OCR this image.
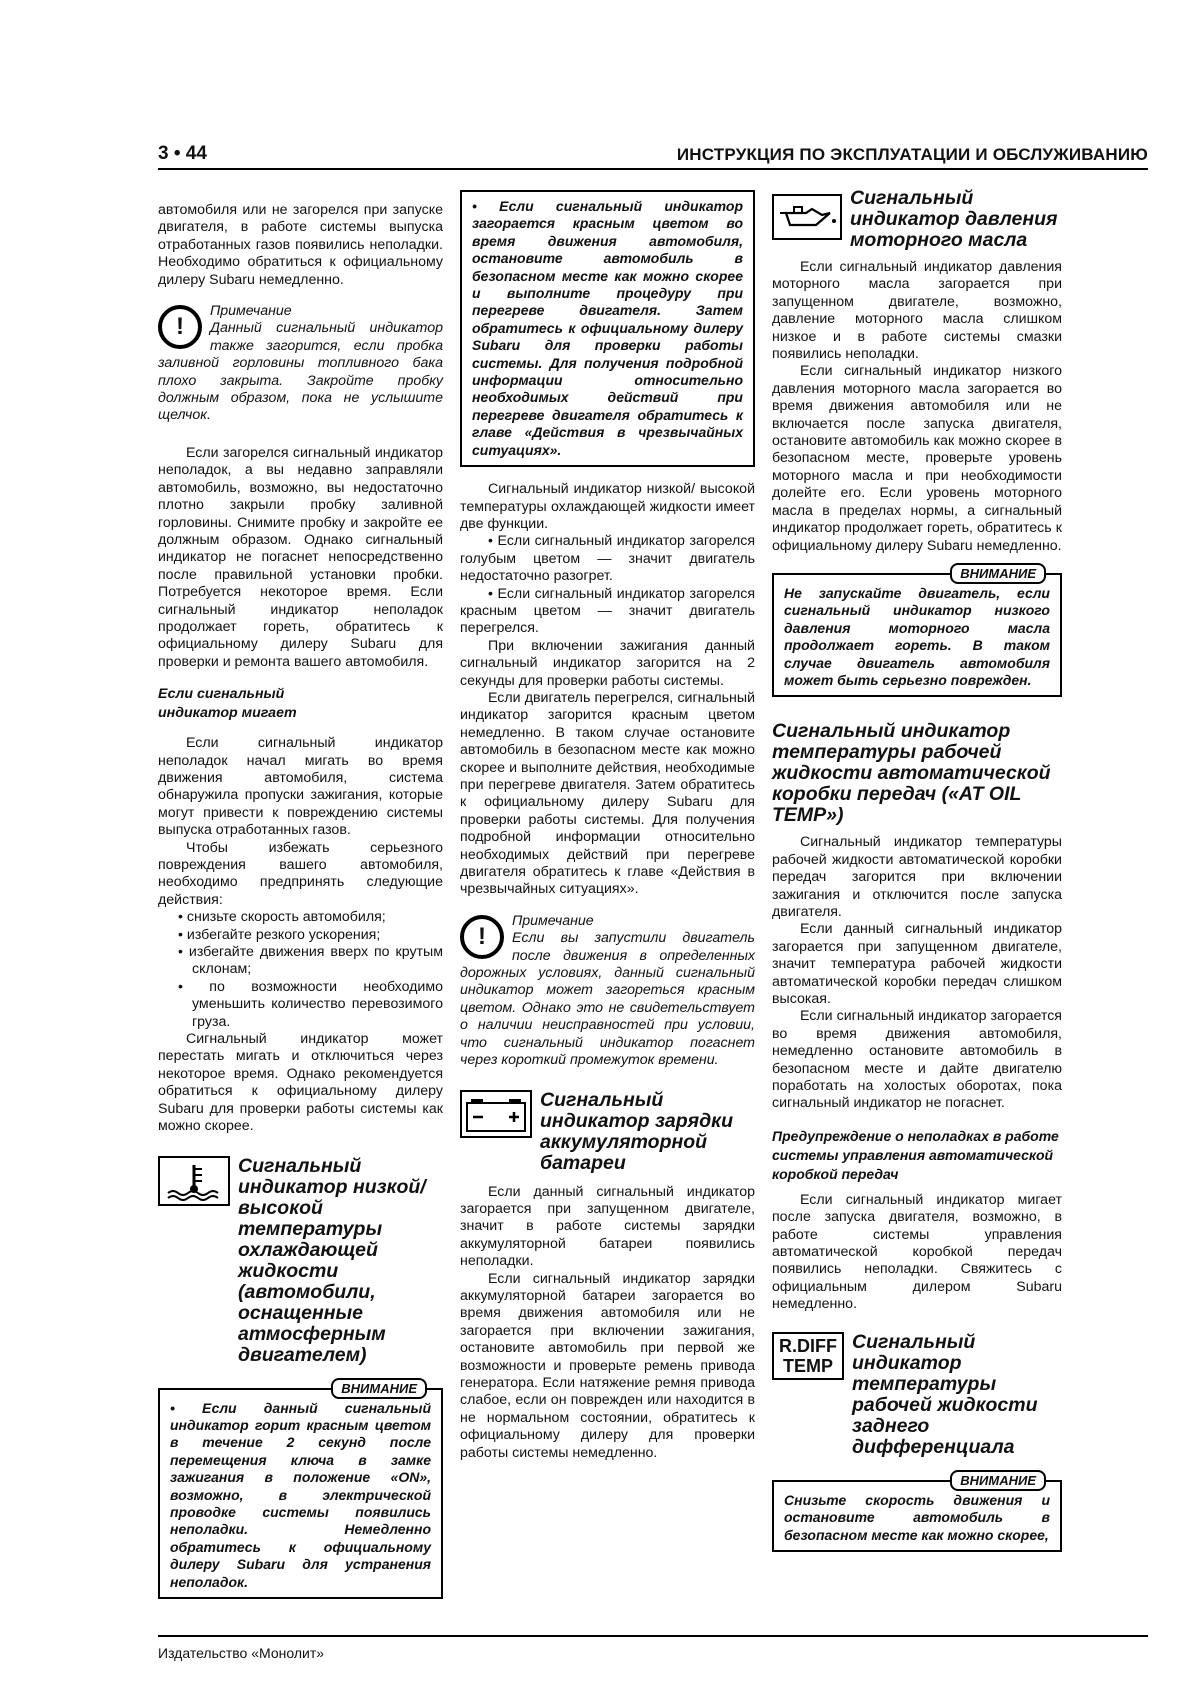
3 • 44	ИНСТРУКЦИЯ ПО ЭКСПЛУАТАЦИИ И ОБСЛУЖИВАНИЮ

автомобиля или не загорелся при запуске двигателя, в работе системы выпуска отработанных газов появились неполадки. Необходимо обратиться к официальному дилеру Subaru немедленно.

!
Примечание
Данный сигнальный индикатор также загорится, если пробка заливной горловины топливного бака плохо закрыта. Закройте пробку должным образом, пока не услышите щелчок.

Если загорелся сигнальный индикатор неполадок, а вы недавно заправляли автомобиль, возможно, вы недостаточно плотно закрыли пробку заливной горловины. Снимите пробку и закройте ее должным образом. Однако сигнальный индикатор не погаснет непосредственно после правильной установки пробки. Потребуется некоторое время. Если сигнальный индикатор неполадок продолжает гореть, обратитесь к официальному дилеру Subaru для проверки и ремонта вашего автомобиля.

Если сигнальный
индикатор мигает

Если сигнальный индикатор неполадок начал мигать во время движения автомобиля, система обнаружила пропуски зажигания, которые могут привести к повреждению системы выпуска отработанных газов.

Чтобы избежать серьезного повреждения вашего автомобиля, необходимо предпринять следующие действия:

• снизьте скорость автомобиля;

• избегайте резкого ускорения;

• избегайте движения вверх по крутым склонам;

• по возможности необходимо уменьшить количество перевозимого груза.

Сигнальный индикатор может перестать мигать и отключиться через некоторое время. Однако рекомендуется обратиться к официальному дилеру Subaru для проверки работы системы как можно скорее.

Сигнальный индикатор низкой/ высокой температуры охлаждающей жидкости (автомобили, оснащенные атмосферным двигателем)
ВНИМАНИЕ
• Если данный сигнальный индикатор горит красным цветом в течение 2 секунд после перемещения ключа в замке зажигания в положение «ON», возможно, в электрической проводке системы появились неполадки. Немедленно обратитесь к официальному дилеру Subaru для устранения неполадок.
• Если сигнальный индикатор загорается красным цветом во время движения автомобиля, остановите автомобиль в безопасном месте как можно скорее и выполните процедуру при перегреве двигателя. Затем обратитесь к официальному дилеру Subaru для проверки работы системы. Для получения подробной информации относительно необходимых действий при перегреве двигателя обратитесь к главе «Действия в чрезвычайных ситуациях».

Сигнальный индикатор низкой/ высокой температуры охлаждающей жидкости имеет две функции.

• Если сигнальный индикатор загорелся голубым цветом — значит двигатель недостаточно разогрет.

• Если сигнальный индикатор загорелся красным цветом — значит двигатель перегрелся.

При включении зажигания данный сигнальный индикатор загорится на 2 секунды для проверки работы системы.

Если двигатель перегрелся, сигнальный индикатор загорится красным цветом немедленно. В таком случае остановите автомобиль в безопасном месте как можно скорее и выполните действия, необходимые при перегреве двигателя. Затем обратитесь к официальному дилеру Subaru для проверки работы системы. Для получения подробной информации относительно необходимых действий при перегреве двигателя обратитесь к главе «Действия в чрезвычайных ситуациях».

!
Примечание
Если вы запустили двигатель после движения в определенных дорожных условиях, данный сигнальный индикатор может загореться красным цветом. Однако это не свидетельствует о наличии неисправностей при условии, что сигнальный индикатор погаснет через короткий промежуток времени.
Сигнальный индикатор зарядки аккумуляторной батареи

Если данный сигнальный индикатор загорается при запущенном двигателе, значит в работе системы зарядки аккумуляторной батареи появились неполадки.

Если сигнальный индикатор зарядки аккумуляторной батареи загорается во время движения автомобиля или не загорается при включении зажигания, остановите автомобиль при первой же возможности и проверьте ремень привода генератора. Если натяжение ремня привода слабое, если он поврежден или находится в не нормальном состоянии, обратитесь к официальному дилеру для проверки работы системы немедленно.

Сигнальный индикатор давления моторного масла

Если сигнальный индикатор давления моторного масла загорается при запущенном двигателе, возможно, давление моторного масла слишком низкое и в работе системы смазки появились неполадки.

Если сигнальный индикатор низкого давления моторного масла загорается во время движения автомобиля или не включается после запуска двигателя, остановите автомобиль как можно скорее в безопасном месте, проверьте уровень моторного масла и при необходимости долейте его. Если уровень моторного масла в пределах нормы, а сигнальный индикатор продолжает гореть, обратитесь к официальному дилеру Subaru немедленно.

ВНИМАНИЕ
Не запускайте двигатель, если сигнальный индикатор низкого давления моторного масла продолжает гореть. В таком случае двигатель автомобиля может быть серьезно поврежден.
Сигнальный индикатор температуры рабочей жидкости автоматической коробки передач («AT OIL TEMP»)

Сигнальный индикатор температуры рабочей жидкости автоматической коробки передач загорится при включении зажигания и отключится после запуска двигателя.

Если данный сигнальный индикатор загорается при запущенном двигателе, значит температура рабочей жидкости автоматической коробки передач слишком высокая.

Если сигнальный индикатор загорается во время движения автомобиля, немедленно остановите автомобиль в безопасном месте и дайте двигателю поработать на холостых оборотах, пока сигнальный индикатор не погаснет.

Предупреждение о неполадках в работе системы управления автоматической коробкой передач

Если сигнальный индикатор мигает после запуска двигателя, возможно, в работе системы управления автоматической коробкой передач появились неполадки. Свяжитесь с официальным дилером Subaru немедленно.

R.DIFF
TEMP
Сигнальный индикатор температуры рабочей жидкости заднего дифференциала
ВНИМАНИЕ
Снизьте скорость движения и остановите автомобиль в безопасном месте как можно скорее,
Издательство «Монолит»
